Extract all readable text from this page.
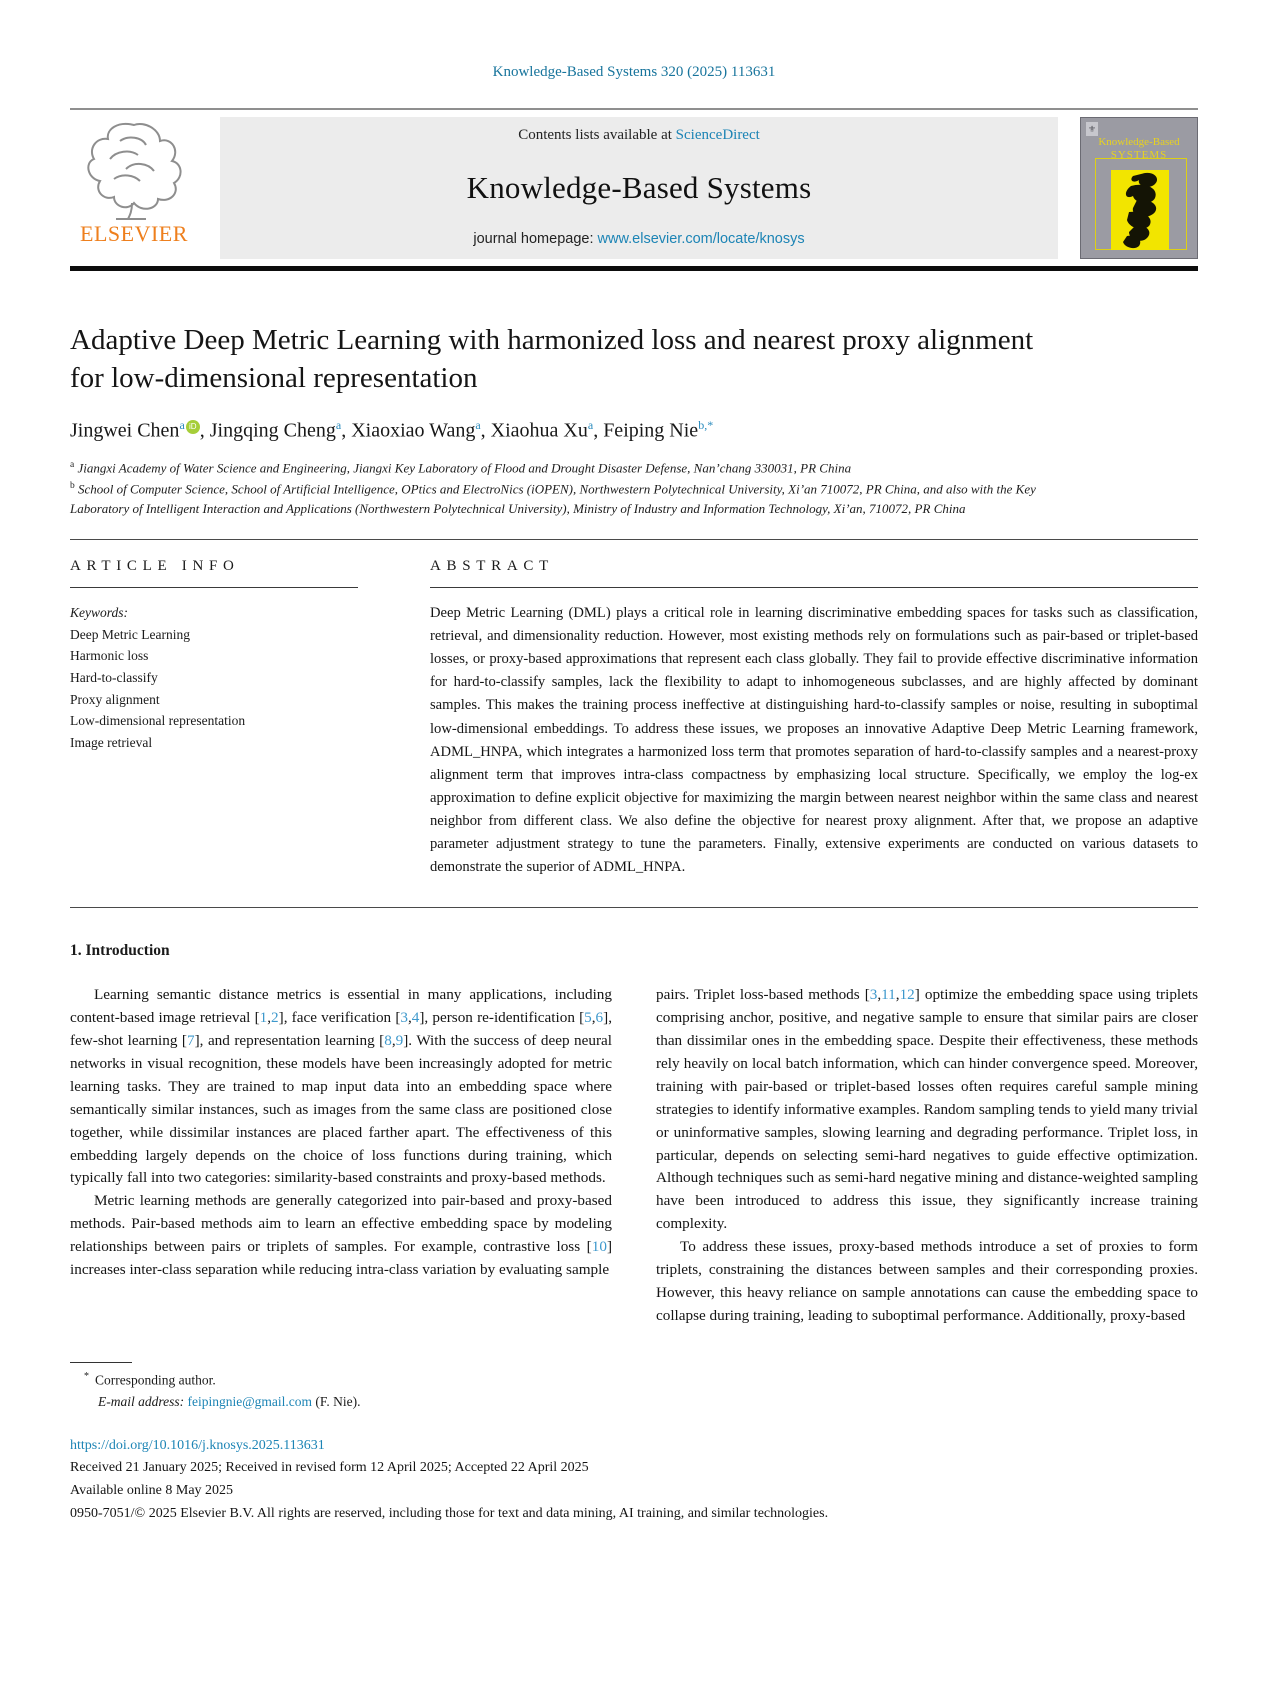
Knowledge-Based Systems 320 (2025) 113631
ELSEVIER
Contents lists available at ScienceDirect
Knowledge-Based Systems
journal homepage: www.elsevier.com/locate/knosys
⚜
Knowledge-Based
SYSTEMS
Adaptive Deep Metric Learning with harmonized loss and nearest proxy alignment for low-dimensional representation
Jingwei Chen$^a$ iD , Jingqing Cheng$^a$, Xiaoxiao Wang$^a$, Xiaohua Xu$^a$, Feiping Nie$^{b,*}$
$^a$ Jiangxi Academy of Water Science and Engineering, Jiangxi Key Laboratory of Flood and Drought Disaster Defense, Nan’chang 330031, PR China
$^b$ School of Computer Science, School of Artificial Intelligence, OPtics and ElectroNics (iOPEN), Northwestern Polytechnical University, Xi’an 710072, PR China, and also with the Key Laboratory of Intelligent Interaction and Applications (Northwestern Polytechnical University), Ministry of Industry and Information Technology, Xi’an, 710072, PR China
ARTICLE INFO
Keywords:
Deep Metric Learning
Harmonic loss
Hard-to-classify
Proxy alignment
Low-dimensional representation
Image retrieval
ABSTRACT
Deep Metric Learning (DML) plays a critical role in learning discriminative embedding spaces for tasks such as classification, retrieval, and dimensionality reduction. However, most existing methods rely on formulations such as pair-based or triplet-based losses, or proxy-based approximations that represent each class globally. They fail to provide effective discriminative information for hard-to-classify samples, lack the flexibility to adapt to inhomogeneous subclasses, and are highly affected by dominant samples. This makes the training process ineffective at distinguishing hard-to-classify samples or noise, resulting in suboptimal low-dimensional embeddings. To address these issues, we proposes an innovative Adaptive Deep Metric Learning framework, ADML_HNPA, which integrates a harmonized loss term that promotes separation of hard-to-classify samples and a nearest-proxy alignment term that improves intra-class compactness by emphasizing local structure. Specifically, we employ the log-ex approximation to define explicit objective for maximizing the margin between nearest neighbor within the same class and nearest neighbor from different class. We also define the objective for nearest proxy alignment. After that, we propose an adaptive parameter adjustment strategy to tune the parameters. Finally, extensive experiments are conducted on various datasets to demonstrate the superior of ADML_HNPA.
1. Introduction

Learning semantic distance metrics is essential in many applications, including content-based image retrieval [1,2], face verification [3,4], person re-identification [5,6], few-shot learning [7], and representation learning [8,9]. With the success of deep neural networks in visual recognition, these models have been increasingly adopted for metric learning tasks. They are trained to map input data into an embedding space where semantically similar instances, such as images from the same class are positioned close together, while dissimilar instances are placed farther apart. The effectiveness of this embedding largely depends on the choice of loss functions during training, which typically fall into two categories: similarity-based constraints and proxy-based methods.

Metric learning methods are generally categorized into pair-based and proxy-based methods. Pair-based methods aim to learn an effective embedding space by modeling relationships between pairs or triplets of samples. For example, contrastive loss [10] increases inter-class separation while reducing intra-class variation by evaluating sample

pairs. Triplet loss-based methods [3,11,12] optimize the embedding space using triplets comprising anchor, positive, and negative sample to ensure that similar pairs are closer than dissimilar ones in the embedding space. Despite their effectiveness, these methods rely heavily on local batch information, which can hinder convergence speed. Moreover, training with pair-based or triplet-based losses often requires careful sample mining strategies to identify informative examples. Random sampling tends to yield many trivial or uninformative samples, slowing learning and degrading performance. Triplet loss, in particular, depends on selecting semi-hard negatives to guide effective optimization. Although techniques such as semi-hard negative mining and distance-weighted sampling have been introduced to address this issue, they significantly increase training complexity.

To address these issues, proxy-based methods introduce a set of proxies to form triplets, constraining the distances between samples and their corresponding proxies. However, this heavy reliance on sample annotations can cause the embedding space to collapse during training, leading to suboptimal performance. Additionally, proxy-based

* Corresponding author.
E-mail address: feipingnie@gmail.com (F. Nie).
https://doi.org/10.1016/j.knosys.2025.113631
Received 21 January 2025; Received in revised form 12 April 2025; Accepted 22 April 2025
Available online 8 May 2025
0950-7051/© 2025 Elsevier B.V. All rights are reserved, including those for text and data mining, AI training, and similar technologies.
